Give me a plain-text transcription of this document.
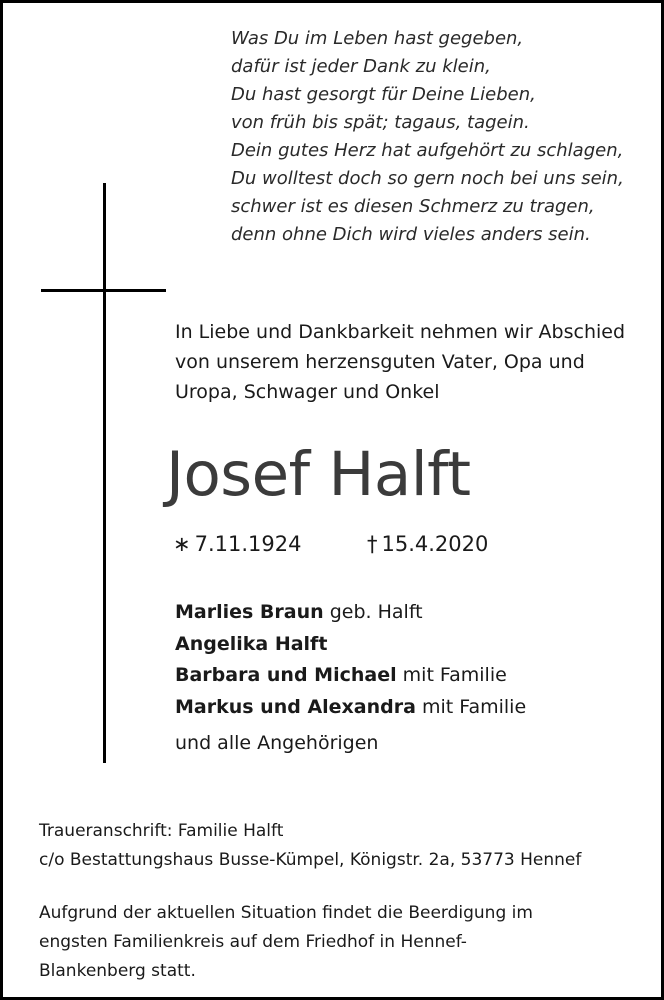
Was Du im Leben hast gegeben,
dafür ist jeder Dank zu klein,
Du hast gesorgt für Deine Lieben,
von früh bis spät; tagaus, tagein.
Dein gutes Herz hat aufgehört zu schlagen,
Du wolltest doch so gern noch bei uns sein,
schwer ist es diesen Schmerz zu tragen,
denn ohne Dich wird vieles anders sein.
In Liebe und Dankbarkeit nehmen wir Abschied
von unserem herzensguten Vater, Opa und
Uropa, Schwager und Onkel
Josef Halft
∗ 7.11.1924	† 15.4.2020
Marlies Braun geb. Halft
Angelika Halft
Barbara und Michael mit Familie
Markus und Alexandra mit Familie
und alle Angehörigen
Traueranschrift: Familie Halft
c/o Bestattungshaus Busse-Kümpel, Königstr. 2a, 53773 Hennef
Aufgrund der aktuellen Situation findet die Beerdigung im
engsten Familienkreis auf dem Friedhof in Hennef-
Blankenberg statt.
